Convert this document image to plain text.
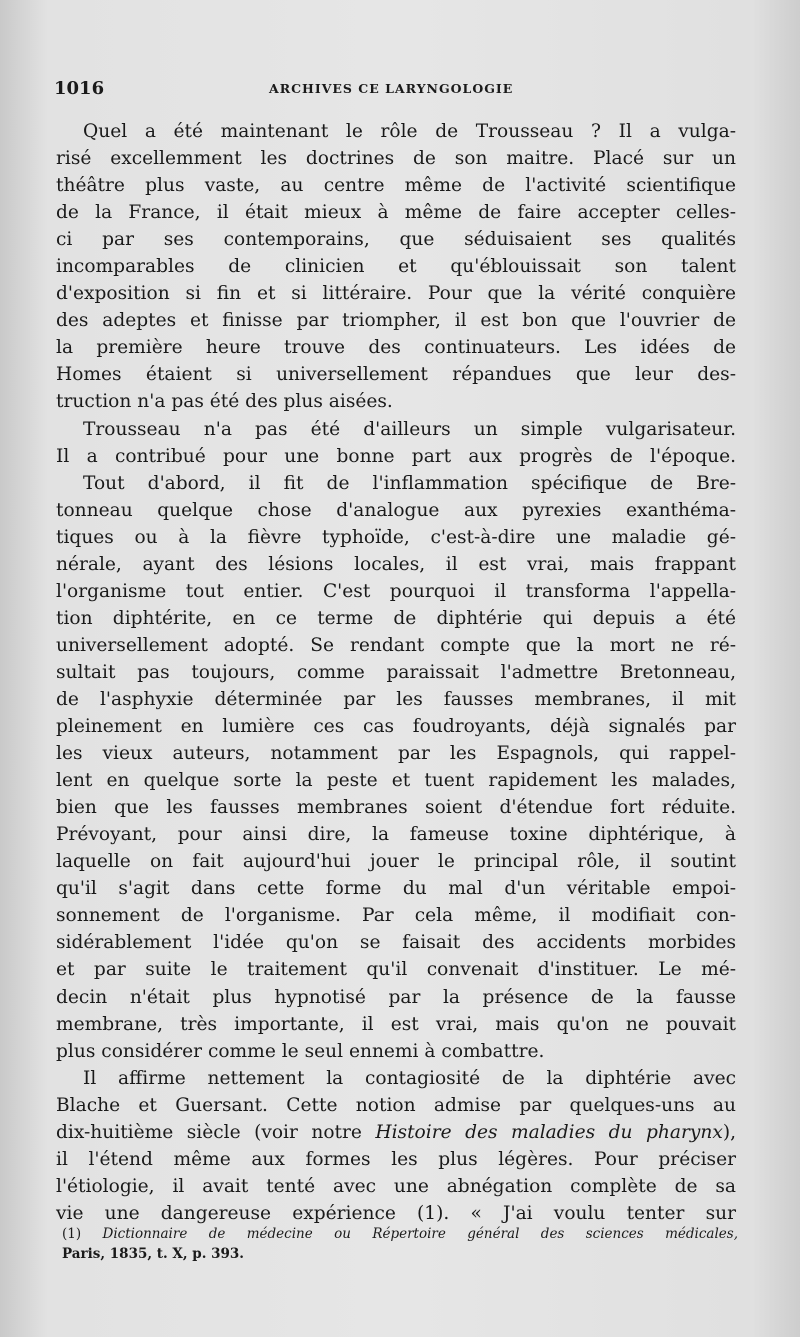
1016	ARCHIVES CE LARYNGOLOGIE
Quel a été maintenant le rôle de Trousseau ? Il a vulga-
risé excellemment les doctrines de son maitre. Placé sur un
théâtre plus vaste, au centre même de l'activité scientifique
de la France, il était mieux à même de faire accepter celles-
ci par ses contemporains, que séduisaient ses qualités
incomparables de clinicien et qu'éblouissait son talent
d'exposition si fin et si littéraire. Pour que la vérité conquière
des adeptes et finisse par triompher, il est bon que l'ouvrier de
la première heure trouve des continuateurs. Les idées de
Homes étaient si universellement répandues que leur des-
truction n'a pas été des plus aisées.
Trousseau n'a pas été d'ailleurs un simple vulgarisateur.
Il a contribué pour une bonne part aux progrès de l'époque.
Tout d'abord, il fit de l'inflammation spécifique de Bre-
tonneau quelque chose d'analogue aux pyrexies exanthéma-
tiques ou à la fièvre typhoïde, c'est-à-dire une maladie gé-
nérale, ayant des lésions locales, il est vrai, mais frappant
l'organisme tout entier. C'est pourquoi il transforma l'appella-
tion diphtérite, en ce terme de diphtérie qui depuis a été
universellement adopté. Se rendant compte que la mort ne ré-
sultait pas toujours, comme paraissait l'admettre Bretonneau,
de l'asphyxie déterminée par les fausses membranes, il mit
pleinement en lumière ces cas foudroyants, déjà signalés par
les vieux auteurs, notamment par les Espagnols, qui rappel-
lent en quelque sorte la peste et tuent rapidement les malades,
bien que les fausses membranes soient d'étendue fort réduite.
Prévoyant, pour ainsi dire, la fameuse toxine diphtérique, à
laquelle on fait aujourd'hui jouer le principal rôle, il soutint
qu'il s'agit dans cette forme du mal d'un véritable empoi-
sonnement de l'organisme. Par cela même, il modifiait con-
sidérablement l'idée qu'on se faisait des accidents morbides
et par suite le traitement qu'il convenait d'instituer. Le mé-
decin n'était plus hypnotisé par la présence de la fausse
membrane, très importante, il est vrai, mais qu'on ne pouvait
plus considérer comme le seul ennemi à combattre.
Il affirme nettement la contagiosité de la diphtérie avec
Blache et Guersant. Cette notion admise par quelques-uns au
dix-huitième siècle (voir notre Histoire des maladies du pharynx),
il l'étend même aux formes les plus légères. Pour préciser
l'étiologie, il avait tenté avec une abnégation complète de sa
vie une dangereuse expérience (1). « J'ai voulu tenter sur
(1) Dictionnaire de médecine ou Répertoire général des sciences médicales,
Paris, 1835, t. X, p. 393.
